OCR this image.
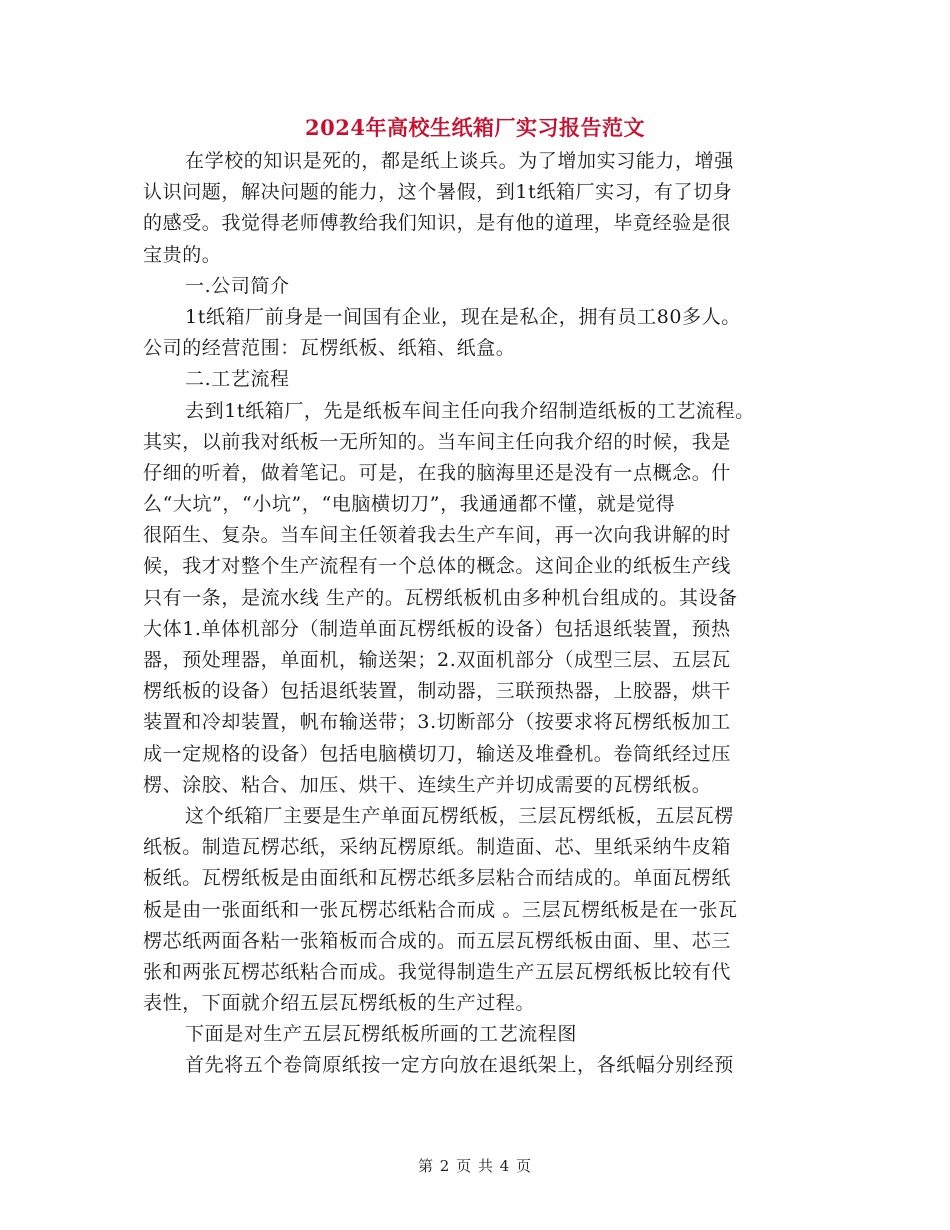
2024年高校生纸箱厂实习报告范文
在学校的知识是死的，都是纸上谈兵。为了增加实习能力，增强
认识问题，解决问题的能力，这个暑假，到1t纸箱厂实习，有了切身
的感受。我觉得老师傅教给我们知识，是有他的道理，毕竟经验是很
宝贵的。
一.公司简介
1t纸箱厂前身是一间国有企业，现在是私企，拥有员工80多人。
公司的经营范围：瓦楞纸板、纸箱、纸盒。
二.工艺流程
去到1t纸箱厂，先是纸板车间主任向我介绍制造纸板的工艺流程。
其实，以前我对纸板一无所知的。当车间主任向我介绍的时候，我是
仔细的听着，做着笔记。可是，在我的脑海里还是没有一点概念。什
么“大坑”，“小坑”，“电脑横切刀”，我通通都不懂，就是觉得
很陌生、复杂。当车间主任领着我去生产车间，再一次向我讲解的时
候，我才对整个生产流程有一个总体的概念。这间企业的纸板生产线
只有一条，是流水线 生产的。瓦楞纸板机由多种机台组成的。其设备
大体1.单体机部分（制造单面瓦楞纸板的设备）包括退纸装置，预热
器，预处理器，单面机，输送架；2.双面机部分（成型三层、五层瓦
楞纸板的设备）包括退纸装置，制动器，三联预热器，上胶器，烘干
装置和冷却装置，帆布输送带；3.切断部分（按要求将瓦楞纸板加工
成一定规格的设备）包括电脑横切刀，输送及堆叠机。卷筒纸经过压
楞、涂胶、粘合、加压、烘干、连续生产并切成需要的瓦楞纸板。
这个纸箱厂主要是生产单面瓦楞纸板，三层瓦楞纸板，五层瓦楞
纸板。制造瓦楞芯纸，采纳瓦楞原纸。制造面、芯、里纸采纳牛皮箱
板纸。瓦楞纸板是由面纸和瓦楞芯纸多层粘合而结成的。单面瓦楞纸
板是由一张面纸和一张瓦楞芯纸粘合而成 。三层瓦楞纸板是在一张瓦
楞芯纸两面各粘一张箱板而合成的。而五层瓦楞纸板由面、里、芯三
张和两张瓦楞芯纸粘合而成。我觉得制造生产五层瓦楞纸板比较有代
表性，下面就介绍五层瓦楞纸板的生产过程。
下面是对生产五层瓦楞纸板所画的工艺流程图
首先将五个卷筒原纸按一定方向放在退纸架上，各纸幅分别经预
第 2 页 共 4 页
